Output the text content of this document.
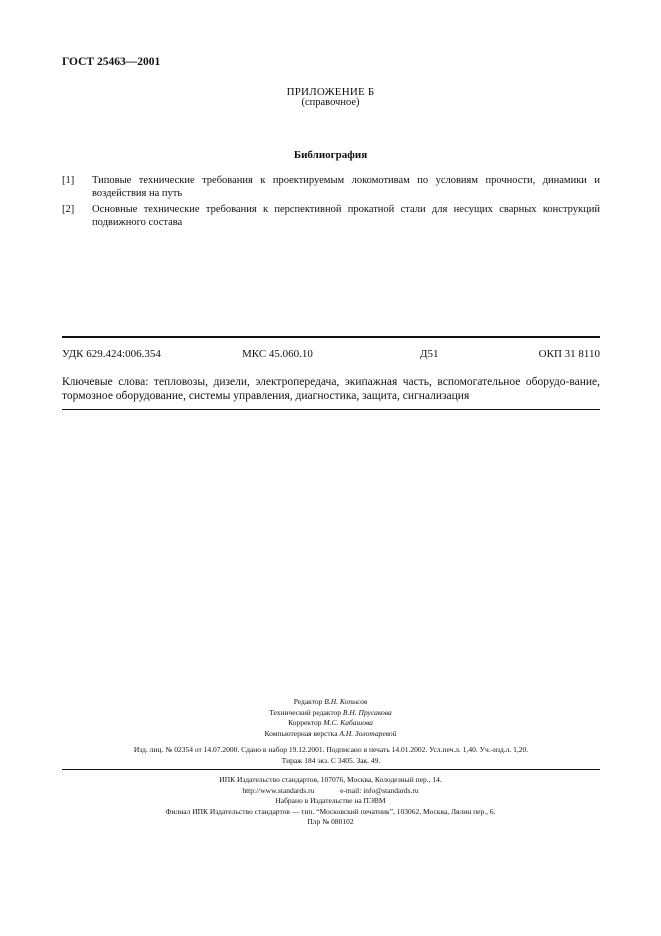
ГОСТ 25463—2001
ПРИЛОЖЕНИЕ Б
(справочное)
Библиография
[1]	Типовые технические требования к проектируемым локомотивам по условиям прочности, динамики и воздействия на путь
[2]	Основные технические требования к перспективной прокатной стали для несущих сварных конструкций подвижного состава
УДК 629.424:006.354	МКС 45.060.10	Д51	ОКП 31 8110
Ключевые слова: тепловозы, дизели, электропередача, экипажная часть, вспомогательное оборудо-вание, тормозное оборудование, системы управления, диагностика, защита, сигнализация
Редактор В.Н. Копысов
Технический редактор В.Н. Прусакова
Корректор М.С. Кабашова
Компьютерная верстка А.Н. Золотаревой
Изд. лиц. № 02354 от 14.07.2000. Сдано в набор 19.12.2001. Подписано в печать 14.01.2002. Усл.печ.л. 1,40. Уч.-изд.л. 1,20.
Тираж 184 экз. С 3405. Зак. 49.
ИПК Издательство стандартов, 107076, Москва, Колодезный пер., 14.
http://www.standards.ru	e-mail: info@standards.ru
Набрано в Издательстве на ПЭВМ
Филиал ИПК Издательство стандартов — тип. “Московский печатник”, 103062, Москва, Лялин пер., 6.
Плр № 080102
